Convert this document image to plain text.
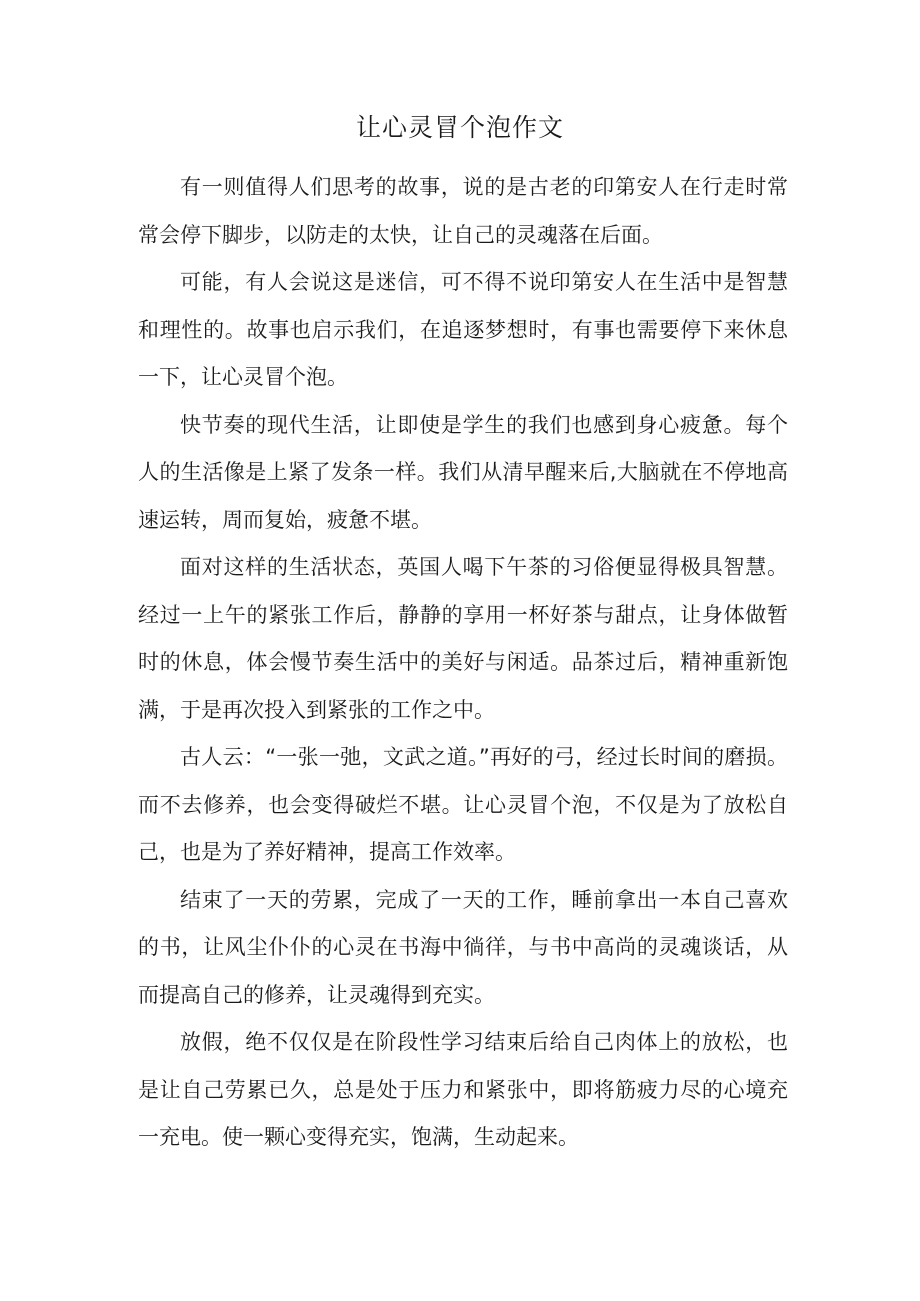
让心灵冒个泡作文

有一则值得人们思考的故事，说的是古老的印第安人在行走时常常会停下脚步，以防走的太快，让自己的灵魂落在后面。

可能，有人会说这是迷信，可不得不说印第安人在生活中是智慧和理性的。故事也启示我们，在追逐梦想时，有事也需要停下来休息一下，让心灵冒个泡。

快节奏的现代生活，让即使是学生的我们也感到身心疲惫。每个人的生活像是上紧了发条一样。我们从清早醒来后,大脑就在不停地高速运转，周而复始，疲惫不堪。

面对这样的生活状态，英国人喝下午茶的习俗便显得极具智慧。经过一上午的紧张工作后，静静的享用一杯好茶与甜点，让身体做暂时的休息，体会慢节奏生活中的美好与闲适。品茶过后，精神重新饱满，于是再次投入到紧张的工作之中。

古人云：“一张一弛，文武之道。”再好的弓，经过长时间的磨损。而不去修养，也会变得破烂不堪。让心灵冒个泡，不仅是为了放松自己，也是为了养好精神，提高工作效率。

结束了一天的劳累，完成了一天的工作，睡前拿出一本自己喜欢的书，让风尘仆仆的心灵在书海中徜徉，与书中高尚的灵魂谈话，从而提高自己的修养，让灵魂得到充实。

放假，绝不仅仅是在阶段性学习结束后给自己肉体上的放松，也是让自己劳累已久，总是处于压力和紧张中，即将筋疲力尽的心境充一充电。使一颗心变得充实，饱满，生动起来。
